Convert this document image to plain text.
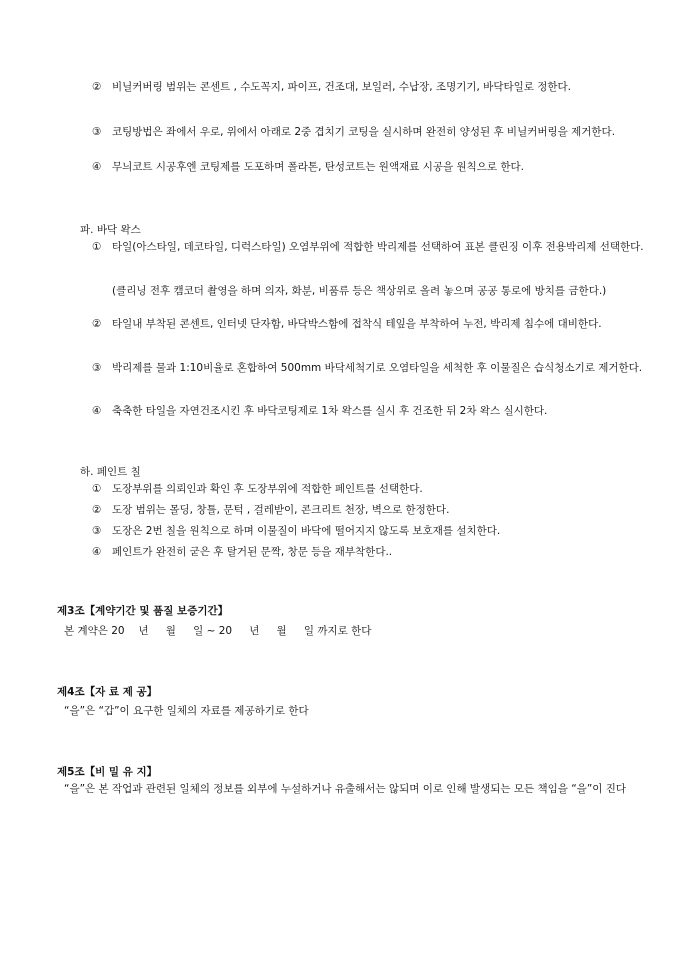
②	비닐커버링 범위는 콘센트 , 수도꼭지, 파이프, 건조대, 보일러, 수납장, 조명기기, 바닥타일로 정한다.
③	코팅방법은 좌에서 우로, 위에서 아래로 2중 겹치기 코팅을 실시하며 완전히 양성된 후 비닐커버링을 제거한다.
④	무늬코트 시공후엔 코팅제를 도포하며 폴라톤, 탄성코트는 원액재료 시공을 원칙으로 한다.
파. 바닥 왁스
①	타일(아스타일, 데코타일, 디럭스타일) 오염부위에 적합한 박리제를 선택하여 표본 클린징 이후 전용박리제 선택한다.
(클리닝 전후 캠코더 촬영을 하며 의자, 화분, 비품류 등은 책상위로 올려 놓으며 공공 통로에 방치를 금한다.)
②	타일내 부착된 콘센트, 인터넷 단자함, 바닥박스함에 접착식 테잎을 부착하여 누전, 박리제 침수에 대비한다.
③	박리제를 물과 1:10비율로 혼합하여 500mm 바닥세척기로 오염타일을 세척한 후 이물질은 습식청소기로 제거한다.
④	축축한 타일을 자연건조시킨 후 바닥코팅제로 1차 왁스를 실시 후 건조한 뒤 2차 왁스 실시한다.
하. 페인트 칠
①	도장부위를 의뢰인과 확인 후 도장부위에 적합한 페인트를 선택한다.
②	도장 범위는 몰딩, 창틀, 문턱 , 걸레받이, 콘크리트 천장, 벽으로 한정한다.
③	도장은 2번 칠을 원칙으로 하며 이물질이 바닥에 떨어지지 않도록 보호재를 설치한다.
④	페인트가 완전히 굳은 후 탈거된 문짝, 창문 등을 재부착한다..
제3조【계약기간 및 품질 보증기간】
본 계약은 20　 년 　 월 　 일 ~ 20 　 년 　 월 　 일 까지로 한다
제4조【자 료 제 공】
“을”은 “갑”이 요구한 일체의 자료를 제공하기로 한다
제5조【비 밀 유 지】
“을”은 본 작업과 관련된 일체의 정보를 외부에 누설하거나 유출해서는 않되며 이로 인해 발생되는 모든 책임을 “을”이 진다
